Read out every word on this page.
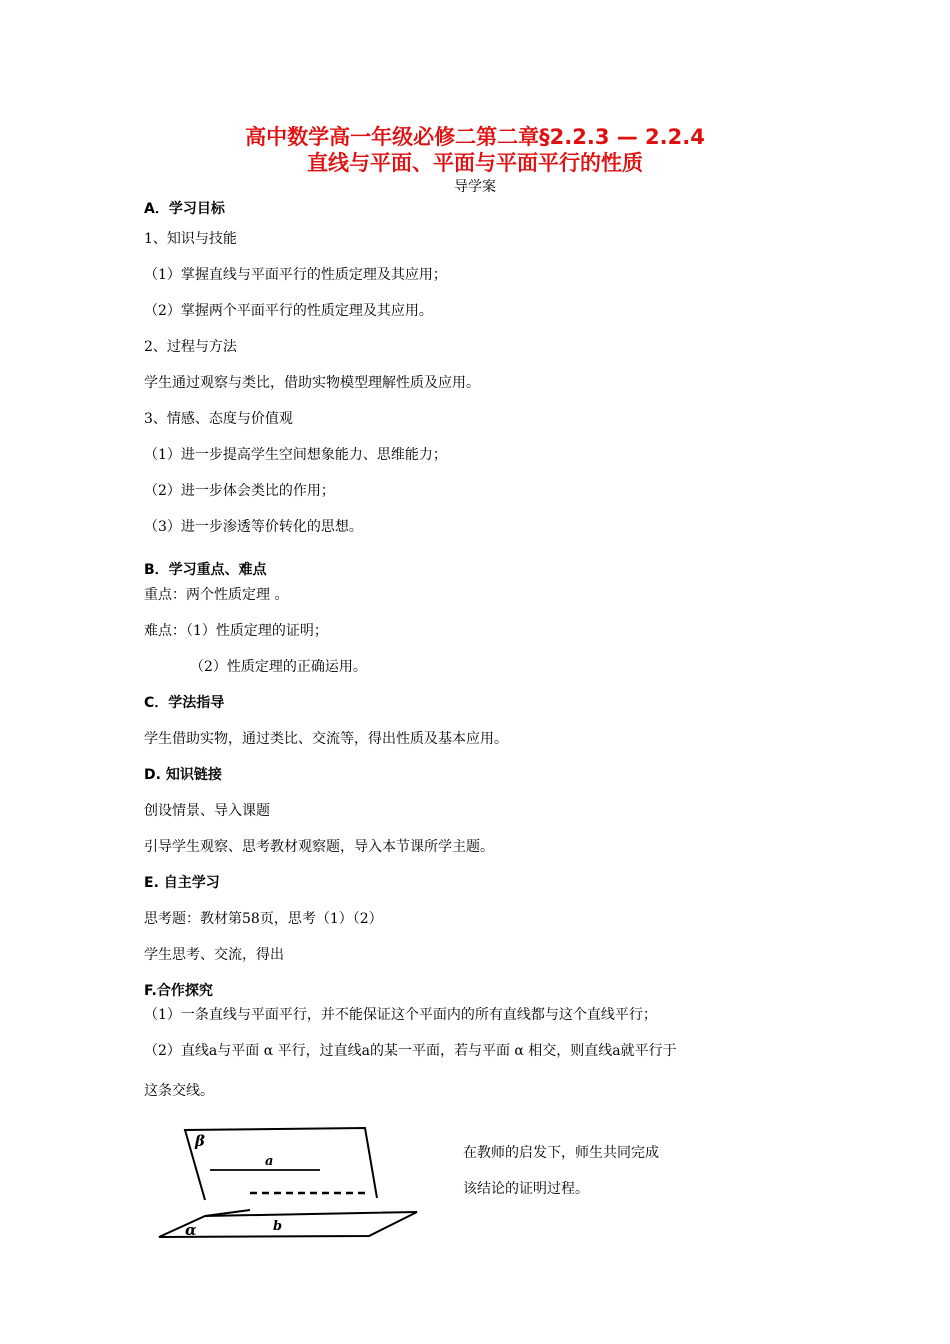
高中数学高一年级必修二第二章§2.2.3 — 2.2.4
直线与平面、平面与平面平行的性质
导学案
A．学习目标
1、知识与技能
（1）掌握直线与平面平行的性质定理及其应用；
（2）掌握两个平面平行的性质定理及其应用。
2、过程与方法
学生通过观察与类比，借助实物模型理解性质及应用。
3、情感、态度与价值观
（1）进一步提高学生空间想象能力、思维能力；
（2）进一步体会类比的作用；
（3）进一步渗透等价转化的思想。
B．学习重点、难点
重点：两个性质定理 。
难点：（1）性质定理的证明；
（2）性质定理的正确运用。
C．学法指导
学生借助实物，通过类比、交流等，得出性质及基本应用。
D. 知识链接
创设情景、导入课题
引导学生观察、思考教材观察题，导入本节课所学主题。
E. 自主学习
思考题：教材第58页，思考（1）（2）
学生思考、交流，得出
F.合作探究
（1）一条直线与平面平行，并不能保证这个平面内的所有直线都与这个直线平行；
（2）直线a与平面 α 平行，过直线a的某一平面，若与平面 α 相交，则直线a就平行于
这条交线。
在教师的启发下，师生共同完成
该结论的证明过程。
β
a
α	b
